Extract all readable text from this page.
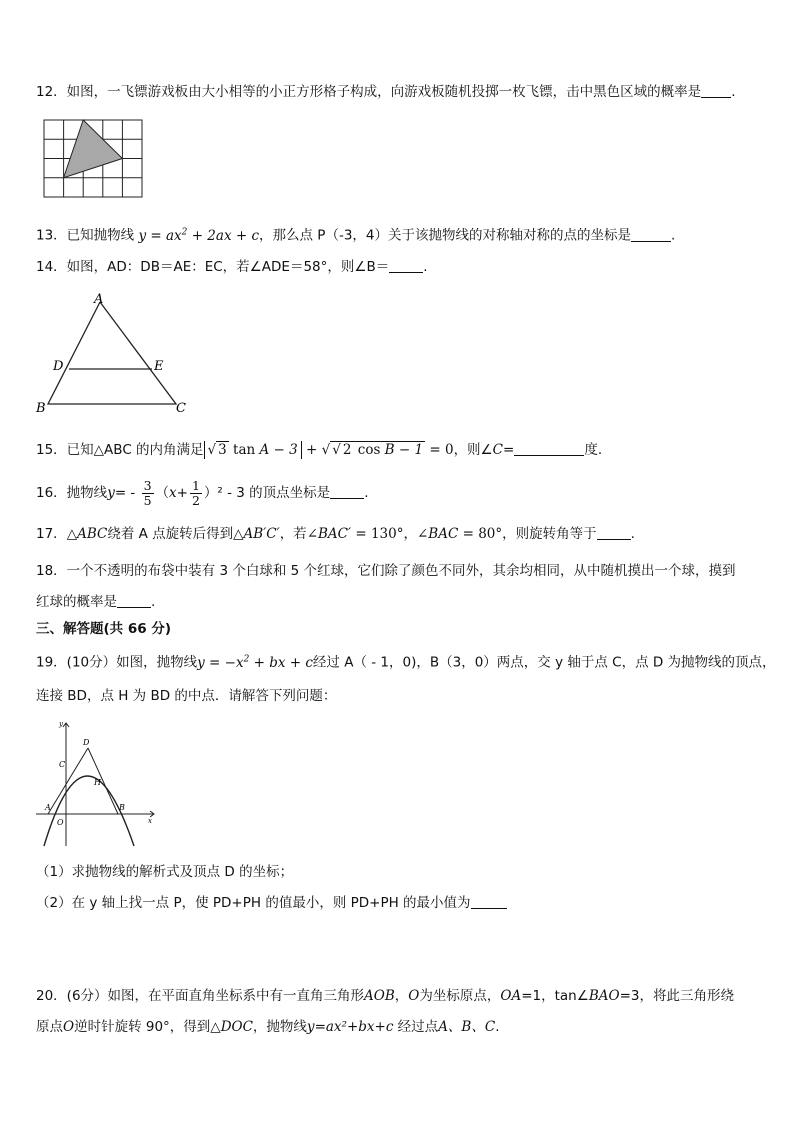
12．如图，一飞镖游戏板由大小相等的小正方形格子构成，向游戏板随机投掷一枚飞镖，击中黑色区域的概率是 .
13．已知抛物线 $y = ax^2 + 2ax + c$，那么点 P（-3，4）关于该抛物线的对称轴对称的点的坐标是	.
14．如图，AD：DB＝AE：EC，若∠ADE＝58°，则∠B＝	.
A
D	E
B	C
15．已知△ABC 的内角满足 √ 3 tan A − 3 + √ √ 2 cos B − 1 = 0，则∠C=	度.
16．抛物线$y= - \frac{3}{5} (x+ \frac{1}{2} )^2 - 3$ 的顶点坐标是	.
17．△ABC绕着 A 点旋转后得到△AB′C′，若∠BAC′ = 130°，∠BAC = 80°，则旋转角等于	.
18．一个不透明的布袋中装有 3 个白球和 5 个红球，它们除了颜色不同外，其余均相同，从中随机摸出一个球，摸到
红球的概率是	.
三、解答题(共 66 分)
19．(10分）如图，抛物线$y = -x^2$ + bx + c经过 A（ - 1，0)，B（3，0）两点，交 y 轴于点 C，点 D 为抛物线的顶点，
连接 BD，点 H 为 BD 的中点．请解答下列问题：
y
x
O
A	B
C
D
H
（1）求抛物线的解析式及顶点 D 的坐标；
（2）在 y 轴上找一点 P，使 PD+PH 的值最小，则 PD+PH 的最小值为
20．(6分）如图，在平面直角坐标系中有一直角三角形AOB，O为坐标原点，OA=1，tan∠BAO=3，将此三角形绕
原点O逆时针旋转 90°，得到△DOC，抛物线y=ax²+bx+c 经过点A、B、C.
